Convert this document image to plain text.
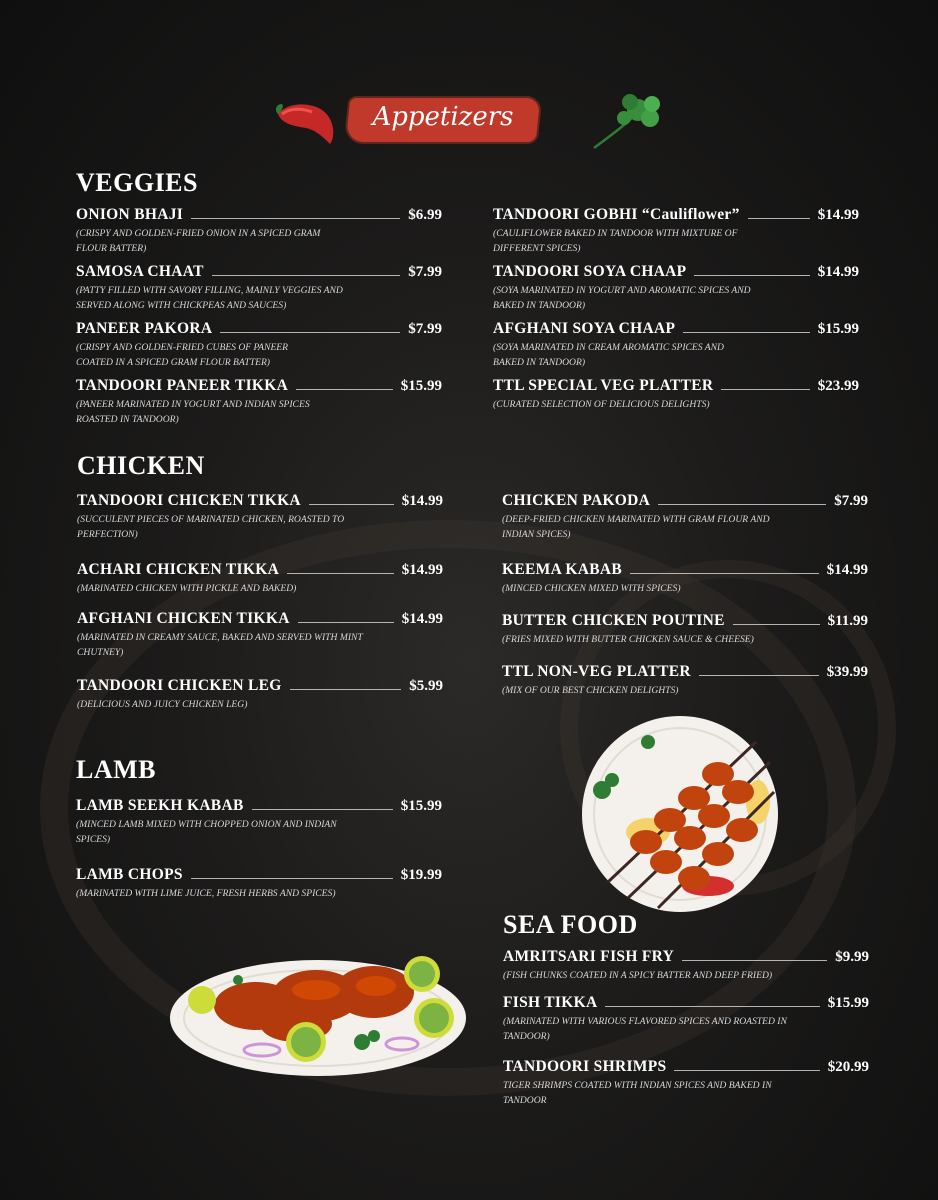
Appetizers
VEGGIES
ONION BHAJI	$6.99
(CRISPY AND GOLDEN-FRIED ONION IN A SPICED GRAM FLOUR BATTER)
SAMOSA CHAAT	$7.99
(PATTY FILLED WITH SAVORY FILLING, MAINLY VEGGIES AND SERVED ALONG WITH CHICKPEAS AND SAUCES)
PANEER PAKORA	$7.99
(CRISPY AND GOLDEN-FRIED CUBES OF PANEER COATED IN A SPICED GRAM FLOUR BATTER)
TANDOORI PANEER TIKKA	$15.99
(PANEER MARINATED IN YOGURT AND INDIAN SPICES ROASTED IN TANDOOR)
TANDOORI GOBHI “Cauliflower”	$14.99
(CAULIFLOWER BAKED IN TANDOOR WITH MIXTURE OF DIFFERENT SPICES)
TANDOORI SOYA CHAAP	$14.99
(SOYA MARINATED IN YOGURT AND AROMATIC SPICES AND BAKED IN TANDOOR)
AFGHANI SOYA CHAAP	$15.99
(SOYA MARINATED IN CREAM AROMATIC SPICES AND BAKED IN TANDOOR)
TTL SPECIAL VEG PLATTER	$23.99
(CURATED SELECTION OF DELICIOUS DELIGHTS)
CHICKEN
TANDOORI CHICKEN TIKKA	$14.99
(SUCCULENT PIECES OF MARINATED CHICKEN, ROASTED TO PERFECTION)
ACHARI CHICKEN TIKKA	$14.99
(MARINATED CHICKEN WITH PICKLE AND BAKED)
AFGHANI CHICKEN TIKKA	$14.99
(MARINATED IN CREAMY SAUCE, BAKED AND SERVED WITH MINT CHUTNEY)
TANDOORI CHICKEN LEG	$5.99
(DELICIOUS AND JUICY CHICKEN LEG)
CHICKEN PAKODA	$7.99
(DEEP-FRIED CHICKEN MARINATED WITH GRAM FLOUR AND INDIAN SPICES)
KEEMA KABAB	$14.99
(MINCED CHICKEN MIXED WITH SPICES)
BUTTER CHICKEN POUTINE	$11.99
(FRIES MIXED WITH BUTTER CHICKEN SAUCE & CHEESE)
TTL NON-VEG PLATTER	$39.99
(MIX OF OUR BEST CHICKEN DELIGHTS)
LAMB
LAMB SEEKH KABAB	$15.99
(MINCED LAMB MIXED WITH CHOPPED ONION AND INDIAN SPICES)
LAMB CHOPS	$19.99
(MARINATED WITH LIME JUICE, FRESH HERBS AND SPICES)
SEA FOOD
AMRITSARI FISH FRY	$9.99
(FISH CHUNKS COATED IN A SPICY BATTER AND DEEP FRIED)
FISH TIKKA	$15.99
(MARINATED WITH VARIOUS FLAVORED SPICES AND ROASTED IN TANDOOR)
TANDOORI SHRIMPS	$20.99
TIGER SHRIMPS COATED WITH INDIAN SPICES AND BAKED IN TANDOOR
